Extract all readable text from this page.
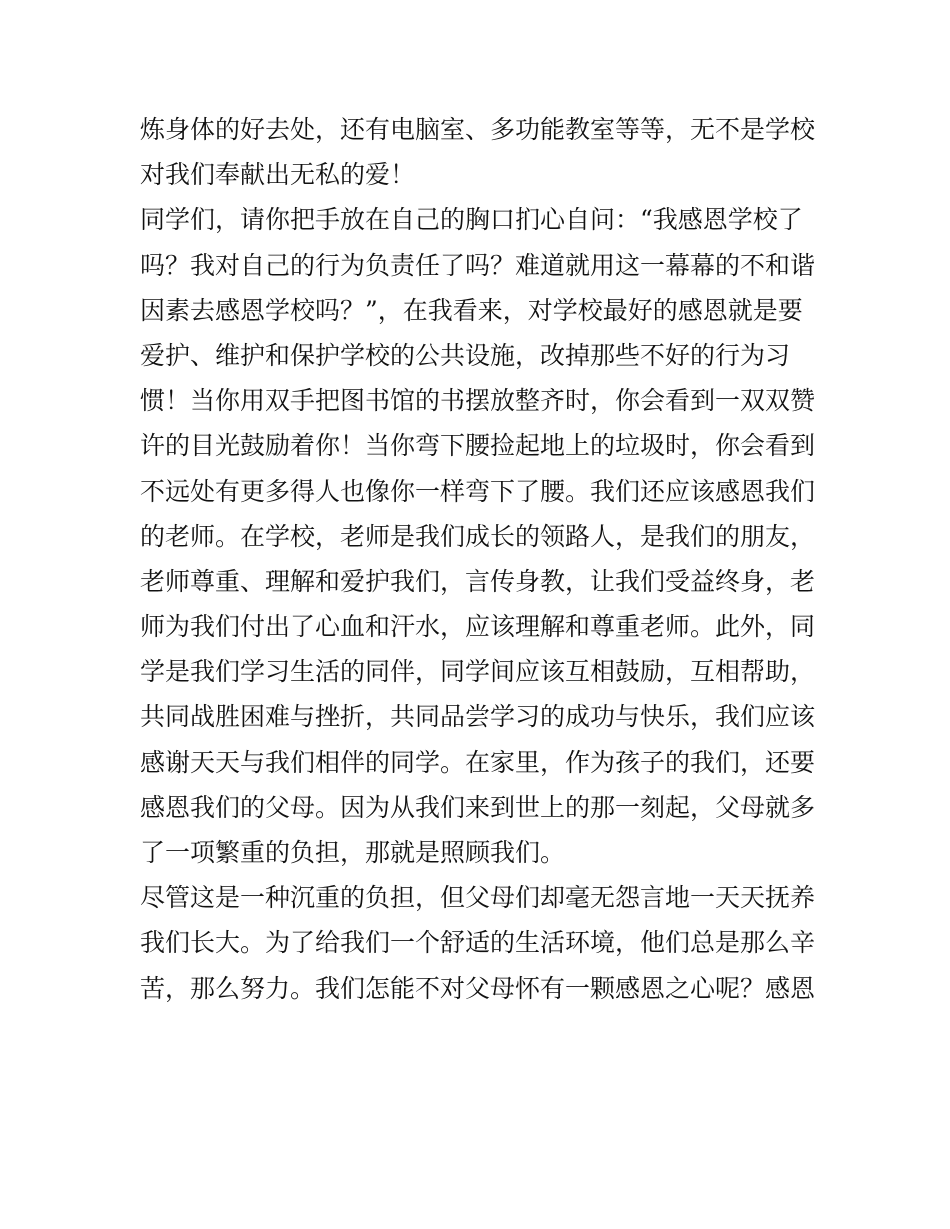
炼身体的好去处，还有电脑室、多功能教室等等，无不是学校
对我们奉献出无私的爱！
同学们，请你把手放在自己的胸口扪心自问：“我感恩学校了
吗？我对自己的行为负责任了吗？难道就用这一幕幕的不和谐
因素去感恩学校吗？”，在我看来，对学校最好的感恩就是要
爱护、维护和保护学校的公共设施，改掉那些不好的行为习
惯！当你用双手把图书馆的书摆放整齐时，你会看到一双双赞
许的目光鼓励着你！当你弯下腰捡起地上的垃圾时，你会看到
不远处有更多得人也像你一样弯下了腰。我们还应该感恩我们
的老师。在学校，老师是我们成长的领路人，是我们的朋友，
老师尊重、理解和爱护我们，言传身教，让我们受益终身，老
师为我们付出了心血和汗水，应该理解和尊重老师。此外，同
学是我们学习生活的同伴，同学间应该互相鼓励，互相帮助，
共同战胜困难与挫折，共同品尝学习的成功与快乐，我们应该
感谢天天与我们相伴的同学。在家里，作为孩子的我们，还要
感恩我们的父母。因为从我们来到世上的那一刻起，父母就多
了一项繁重的负担，那就是照顾我们。
尽管这是一种沉重的负担，但父母们却毫无怨言地一天天抚养
我们长大。为了给我们一个舒适的生活环境，他们总是那么辛
苦，那么努力。我们怎能不对父母怀有一颗感恩之心呢？感恩
